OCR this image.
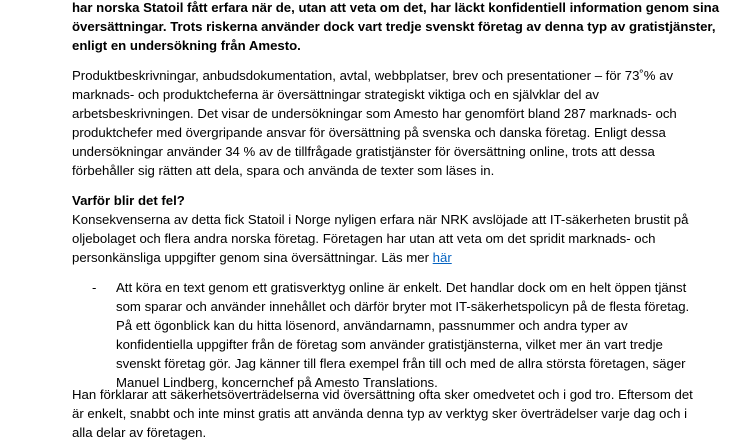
har norska Statoil fått erfara när de, utan att veta om det, har läckt konfidentiell information genom sina
översättningar. Trots riskerna använder dock vart tredje svenskt företag av denna typ av gratistjänster,
enligt en undersökning från Amesto.
Produktbeskrivningar, anbudsdokumentation, avtal, webbplatser, brev och presentationer – för 73˚% av
marknads- och produktcheferna är översättningar strategiskt viktiga och en självklar del av
arbetsbeskrivningen. Det visar de undersökningar som Amesto har genomfört bland 287 marknads- och
produktchefer med övergripande ansvar för översättning på svenska och danska företag. Enligt dessa
undersökningar använder 34 % av de tillfrågade gratistjänster för översättning online, trots att dessa
förbehåller sig rätten att dela, spara och använda de texter som läses in.
Varför blir det fel?
Konsekvenserna av detta fick Statoil i Norge nyligen erfara när NRK avslöjade att IT-säkerheten brustit på
oljebolaget och flera andra norska företag. Företagen har utan att veta om det spridit marknads- och
personkänsliga uppgifter genom sina översättningar. Läs mer här
- Att köra en text genom ett gratisverktyg online är enkelt. Det handlar dock om en helt öppen tjänst
som sparar och använder innehållet och därför bryter mot IT-säkerhetspolicyn på de flesta företag.
På ett ögonblick kan du hitta lösenord, användarnamn, passnummer och andra typer av
konfidentiella uppgifter från de företag som använder gratistjänsterna, vilket mer än vart tredje
svenskt företag gör. Jag känner till flera exempel från till och med de allra största företagen, säger
Manuel Lindberg, koncernchef på Amesto Translations.
Han förklarar att säkerhetsöverträdelserna vid översättning ofta sker omedvetet och i god tro. Eftersom det
är enkelt, snabbt och inte minst gratis att använda denna typ av verktyg sker överträdelser varje dag och i
alla delar av företagen.
